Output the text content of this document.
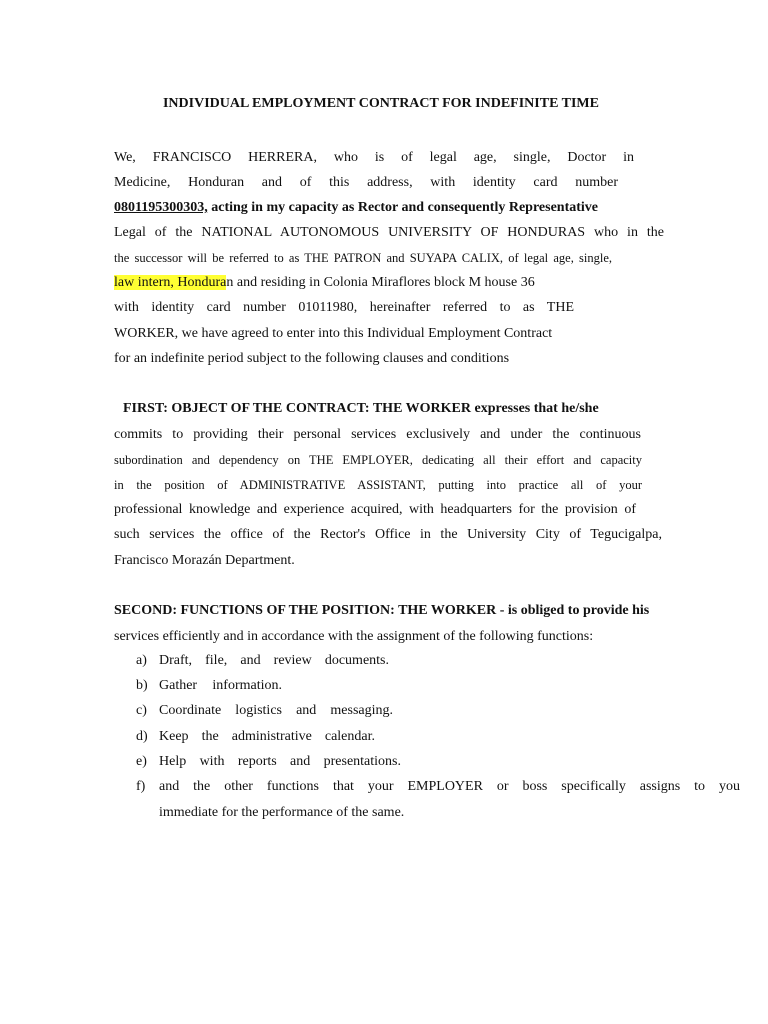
INDIVIDUAL EMPLOYMENT CONTRACT FOR INDEFINITE TIME

We, FRANCISCO HERRERA, who is of legal age, single, Doctor in

Medicine, Honduran and of this address, with identity card number

0801195300303, acting in my capacity as Rector and consequently Representative

Legal of the NATIONAL AUTONOMOUS UNIVERSITY OF HONDURAS who in the

the successor will be referred to as THE PATRON and SUYAPA CALIX, of legal age, single,

law intern, Honduran and residing in Colonia Miraflores block M house 36

with identity card number 01011980, hereinafter referred to as THE

WORKER, we have agreed to enter into this Individual Employment Contract

for an indefinite period subject to the following clauses and conditions

FIRST: OBJECT OF THE CONTRACT: THE WORKER expresses that he/she

commits to providing their personal services exclusively and under the continuous

subordination and dependency on THE EMPLOYER, dedicating all their effort and capacity

in the position of ADMINISTRATIVE ASSISTANT, putting into practice all of your

professional knowledge and experience acquired, with headquarters for the provision of

such services the office of the Rector's Office in the University City of Tegucigalpa,

Francisco Morazán Department.

SECOND: FUNCTIONS OF THE POSITION: THE WORKER - is obliged to provide his

services efficiently and in accordance with the assignment of the following functions:

a) Draft, file, and review documents.
b) Gather information.
c) Coordinate logistics and messaging.
d) Keep the administrative calendar.
e) Help with reports and presentations.
f) and the other functions that your EMPLOYER or boss specifically assigns to you
immediate for the performance of the same.
